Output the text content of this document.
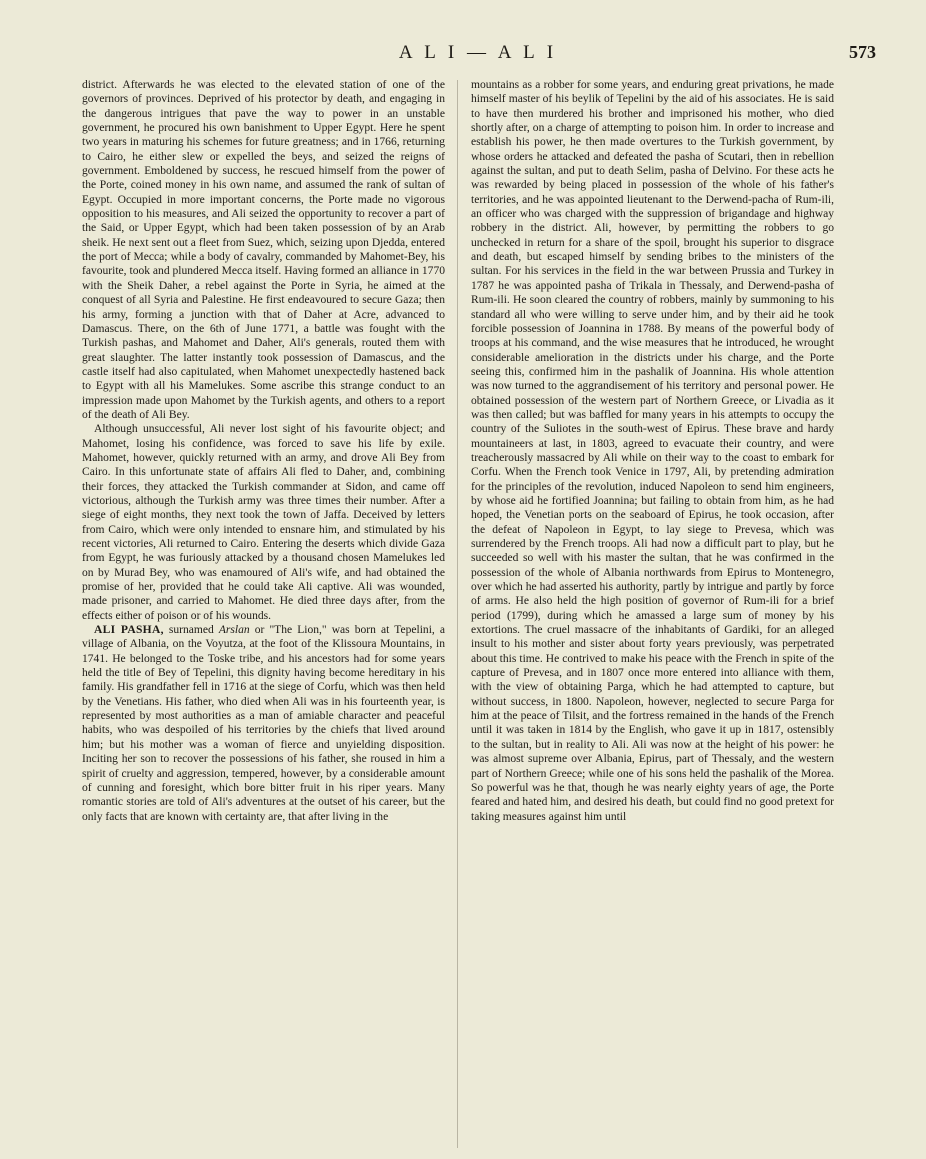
A L I — A L I	573

district. Afterwards he was elected to the elevated station of one of the governors of provinces. Deprived of his protector by death, and engaging in the dangerous intrigues that pave the way to power in an unstable government, he procured his own banishment to Upper Egypt. Here he spent two years in maturing his schemes for future greatness; and in 1766, returning to Cairo, he either slew or expelled the beys, and seized the reigns of government. Emboldened by success, he rescued himself from the power of the Porte, coined money in his own name, and assumed the rank of sultan of Egypt. Occupied in more important concerns, the Porte made no vigorous opposition to his measures, and Ali seized the opportunity to recover a part of the Said, or Upper Egypt, which had been taken possession of by an Arab sheik. He next sent out a fleet from Suez, which, seizing upon Djedda, entered the port of Mecca; while a body of cavalry, commanded by Mahomet-Bey, his favourite, took and plundered Mecca itself. Having formed an alliance in 1770 with the Sheik Daher, a rebel against the Porte in Syria, he aimed at the conquest of all Syria and Palestine. He first endeavoured to secure Gaza; then his army, forming a junction with that of Daher at Acre, advanced to Damascus. There, on the 6th of June 1771, a battle was fought with the Turkish pashas, and Mahomet and Daher, Ali's generals, routed them with great slaughter. The latter instantly took possession of Damascus, and the castle itself had also capitulated, when Mahomet unexpectedly hastened back to Egypt with all his Mamelukes. Some ascribe this strange conduct to an impression made upon Mahomet by the Turkish agents, and others to a report of the death of Ali Bey.

Although unsuccessful, Ali never lost sight of his favourite object; and Mahomet, losing his confidence, was forced to save his life by exile. Mahomet, however, quickly returned with an army, and drove Ali Bey from Cairo. In this unfortunate state of affairs Ali fled to Daher, and, combining their forces, they attacked the Turkish commander at Sidon, and came off victorious, although the Turkish army was three times their number. After a siege of eight months, they next took the town of Jaffa. Deceived by letters from Cairo, which were only intended to ensnare him, and stimulated by his recent victories, Ali returned to Cairo. Entering the deserts which divide Gaza from Egypt, he was furiously attacked by a thousand chosen Mamelukes led on by Murad Bey, who was enamoured of Ali's wife, and had obtained the promise of her, provided that he could take Ali captive. Ali was wounded, made prisoner, and carried to Mahomet. He died three days after, from the effects either of poison or of his wounds.

ALI PASHA, surnamed Arslan or "The Lion," was born at Tepelini, a village of Albania, on the Voyutza, at the foot of the Klissoura Mountains, in 1741. He belonged to the Toske tribe, and his ancestors had for some years held the title of Bey of Tepelini, this dignity having become hereditary in his family. His grandfather fell in 1716 at the siege of Corfu, which was then held by the Venetians. His father, who died when Ali was in his fourteenth year, is represented by most authorities as a man of amiable character and peaceful habits, who was despoiled of his territories by the chiefs that lived around him; but his mother was a woman of fierce and unyielding disposition. Inciting her son to recover the possessions of his father, she roused in him a spirit of cruelty and aggression, tempered, however, by a considerable amount of cunning and foresight, which bore bitter fruit in his riper years. Many romantic stories are told of Ali's adventures at the outset of his career, but the only facts that are known with certainty are, that after living in the

mountains as a robber for some years, and enduring great privations, he made himself master of his beylik of Tepelini by the aid of his associates. He is said to have then murdered his brother and imprisoned his mother, who died shortly after, on a charge of attempting to poison him. In order to increase and establish his power, he then made overtures to the Turkish government, by whose orders he attacked and defeated the pasha of Scutari, then in rebellion against the sultan, and put to death Selim, pasha of Delvino. For these acts he was rewarded by being placed in possession of the whole of his father's territories, and he was appointed lieutenant to the Derwend-pacha of Rum-ili, an officer who was charged with the suppression of brigandage and highway robbery in the district. Ali, however, by permitting the robbers to go unchecked in return for a share of the spoil, brought his superior to disgrace and death, but escaped himself by sending bribes to the ministers of the sultan. For his services in the field in the war between Prussia and Turkey in 1787 he was appointed pasha of Trikala in Thessaly, and Derwend-pasha of Rum-ili. He soon cleared the country of robbers, mainly by summoning to his standard all who were willing to serve under him, and by their aid he took forcible possession of Joannina in 1788. By means of the powerful body of troops at his command, and the wise measures that he introduced, he wrought considerable amelioration in the districts under his charge, and the Porte seeing this, confirmed him in the pashalik of Joannina. His whole attention was now turned to the aggrandisement of his territory and personal power. He obtained possession of the western part of Northern Greece, or Livadia as it was then called; but was baffled for many years in his attempts to occupy the country of the Suliotes in the south-west of Epirus. These brave and hardy mountaineers at last, in 1803, agreed to evacuate their country, and were treacherously massacred by Ali while on their way to the coast to embark for Corfu. When the French took Venice in 1797, Ali, by pretending admiration for the principles of the revolution, induced Napoleon to send him engineers, by whose aid he fortified Joannina; but failing to obtain from him, as he had hoped, the Venetian ports on the seaboard of Epirus, he took occasion, after the defeat of Napoleon in Egypt, to lay siege to Prevesa, which was surrendered by the French troops. Ali had now a difficult part to play, but he succeeded so well with his master the sultan, that he was confirmed in the possession of the whole of Albania northwards from Epirus to Montenegro, over which he had asserted his authority, partly by intrigue and partly by force of arms. He also held the high position of governor of Rum-ili for a brief period (1799), during which he amassed a large sum of money by his extortions. The cruel massacre of the inhabitants of Gardiki, for an alleged insult to his mother and sister about forty years previously, was perpetrated about this time. He contrived to make his peace with the French in spite of the capture of Prevesa, and in 1807 once more entered into alliance with them, with the view of obtaining Parga, which he had attempted to capture, but without success, in 1800. Napoleon, however, neglected to secure Parga for him at the peace of Tilsit, and the fortress remained in the hands of the French until it was taken in 1814 by the English, who gave it up in 1817, ostensibly to the sultan, but in reality to Ali. Ali was now at the height of his power: he was almost supreme over Albania, Epirus, part of Thessaly, and the western part of Northern Greece; while one of his sons held the pashalik of the Morea. So powerful was he that, though he was nearly eighty years of age, the Porte feared and hated him, and desired his death, but could find no good pretext for taking measures against him until
